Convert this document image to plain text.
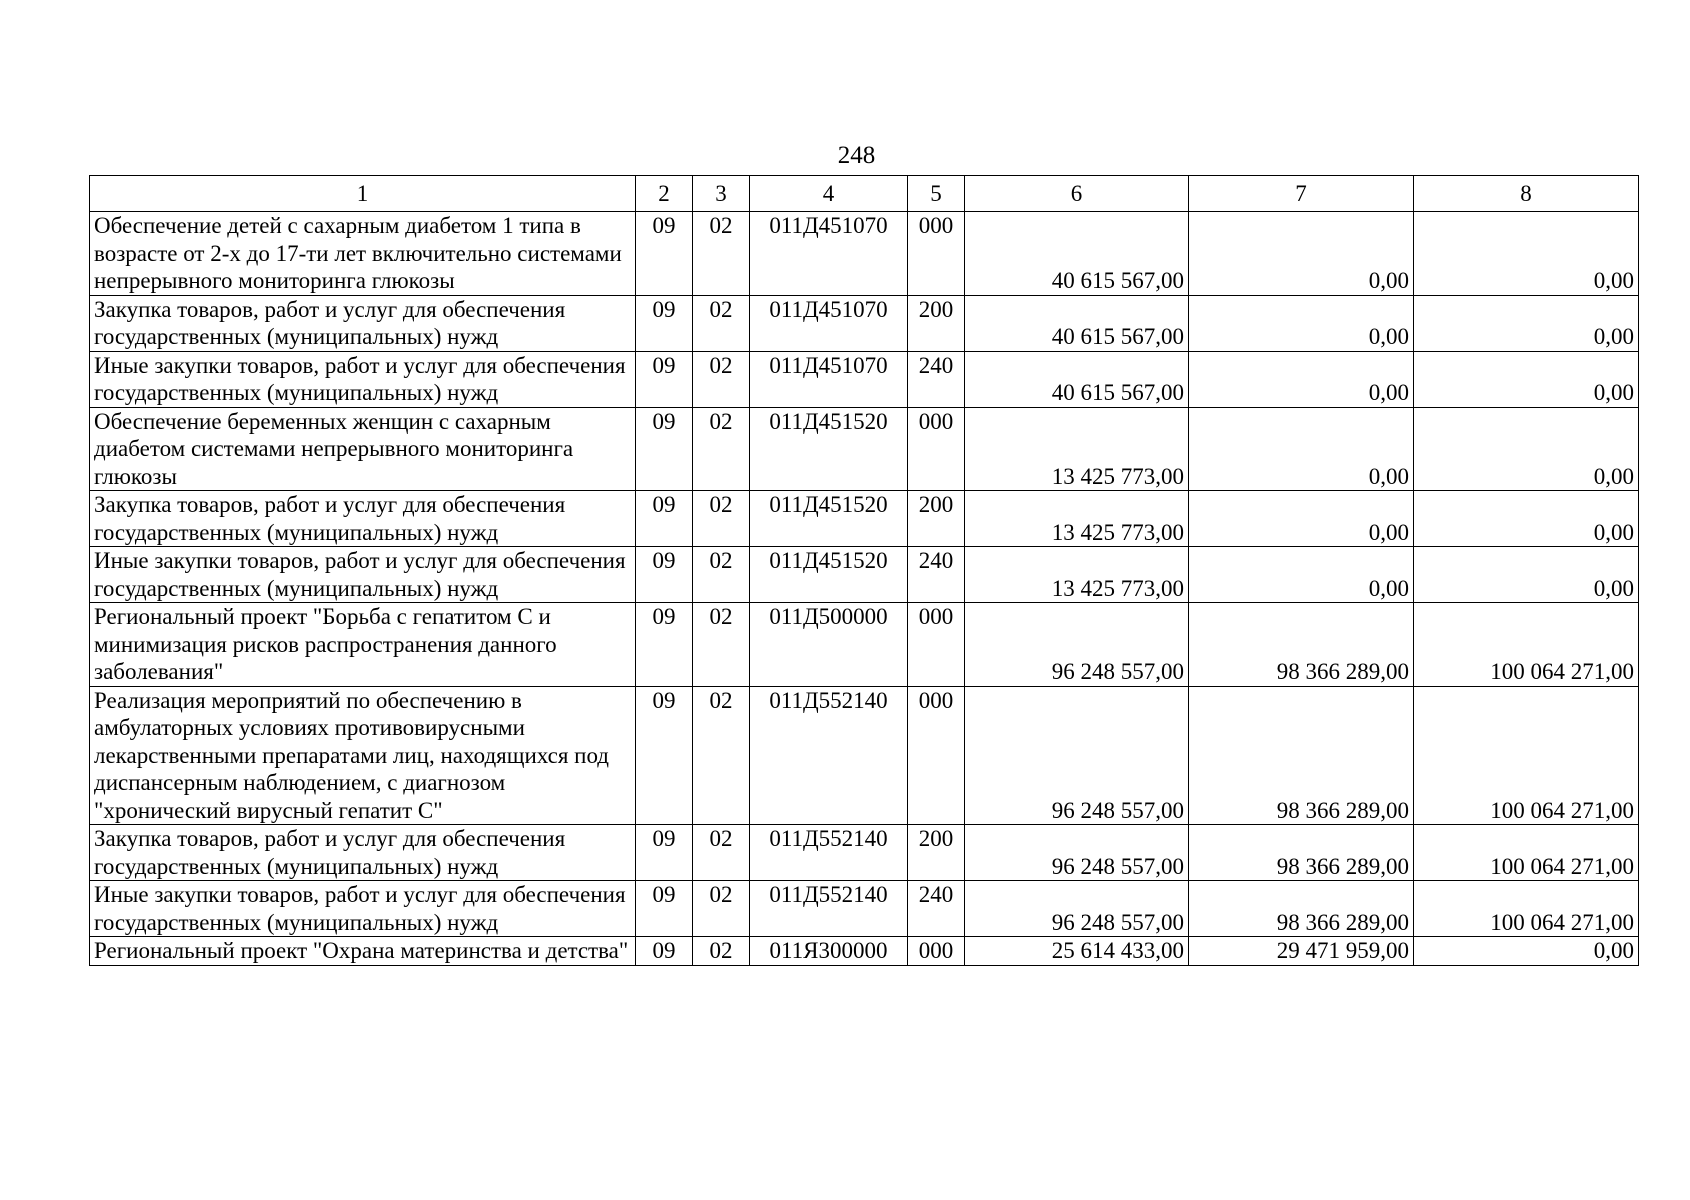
248
1	2	3	4	5	6	7	8
Обеспечение детей с сахарным диабетом 1 типа в возрасте от 2-х до 17-ти лет включительно системами непрерывного мониторинга глюкозы	09	02	011Д451070	000	40 615 567,00	0,00	0,00
Закупка товаров, работ и услуг для обеспечения государственных (муниципальных) нужд	09	02	011Д451070	200	40 615 567,00	0,00	0,00
Иные закупки товаров, работ и услуг для обеспечения государственных (муниципальных) нужд	09	02	011Д451070	240	40 615 567,00	0,00	0,00
Обеспечение беременных женщин с сахарным диабетом системами непрерывного мониторинга глюкозы	09	02	011Д451520	000	13 425 773,00	0,00	0,00
Закупка товаров, работ и услуг для обеспечения государственных (муниципальных) нужд	09	02	011Д451520	200	13 425 773,00	0,00	0,00
Иные закупки товаров, работ и услуг для обеспечения государственных (муниципальных) нужд	09	02	011Д451520	240	13 425 773,00	0,00	0,00
Региональный проект "Борьба с гепатитом С и минимизация рисков распространения данного заболевания"	09	02	011Д500000	000	96 248 557,00	98 366 289,00	100 064 271,00
Реализация мероприятий по обеспечению в амбулаторных условиях противовирусными лекарственными препаратами лиц, находящихся под диспансерным наблюдением, с диагнозом "хронический вирусный гепатит С"	09	02	011Д552140	000	96 248 557,00	98 366 289,00	100 064 271,00
Закупка товаров, работ и услуг для обеспечения государственных (муниципальных) нужд	09	02	011Д552140	200	96 248 557,00	98 366 289,00	100 064 271,00
Иные закупки товаров, работ и услуг для обеспечения государственных (муниципальных) нужд	09	02	011Д552140	240	96 248 557,00	98 366 289,00	100 064 271,00
Региональный проект "Охрана материнства и детства"	09	02	011Я300000	000	25 614 433,00	29 471 959,00	0,00
